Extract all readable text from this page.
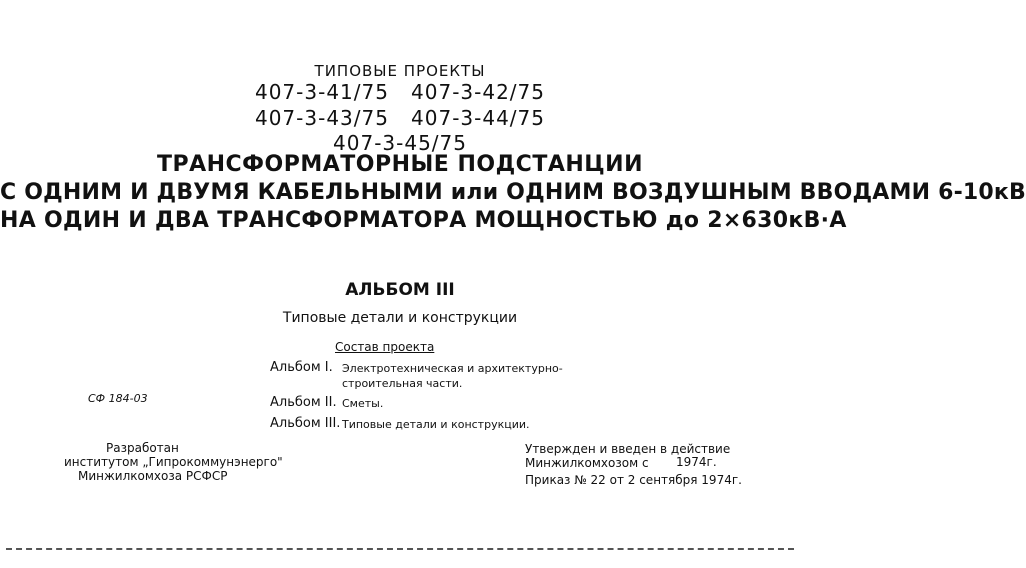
ТИПОВЫЕ ПРОЕКТЫ
407-3-41/75   407-3-42/75
407-3-43/75   407-3-44/75
407-3-45/75
ТРАНСФОРМАТОРНЫЕ ПОДСТАНЦИИ
С ОДНИМ И ДВУМЯ КАБЕЛЬНЫМИ или ОДНИМ ВОЗДУШНЫМ ВВОДАМИ 6-10кВ
НА ОДИН И ДВА ТРАНСФОРМАТОРА МОЩНОСТЬЮ до 2×630кВ·А
АЛЬБОМ III
Типовые детали и конструкции
Состав проекта
Альбом I. Электротехническая и архитектурно-
строительная части.
Альбом II. Сметы.
Альбом III. Типовые детали и конструкции.
СФ 184-03
Разработан
институтом „Гипрокоммунэнерго"
Минжилкомхоза РСФСР
Утвержден и введен в действие
Минжилкомхозом с 1974г.
Приказ № 22 от 2 сентября 1974г.
